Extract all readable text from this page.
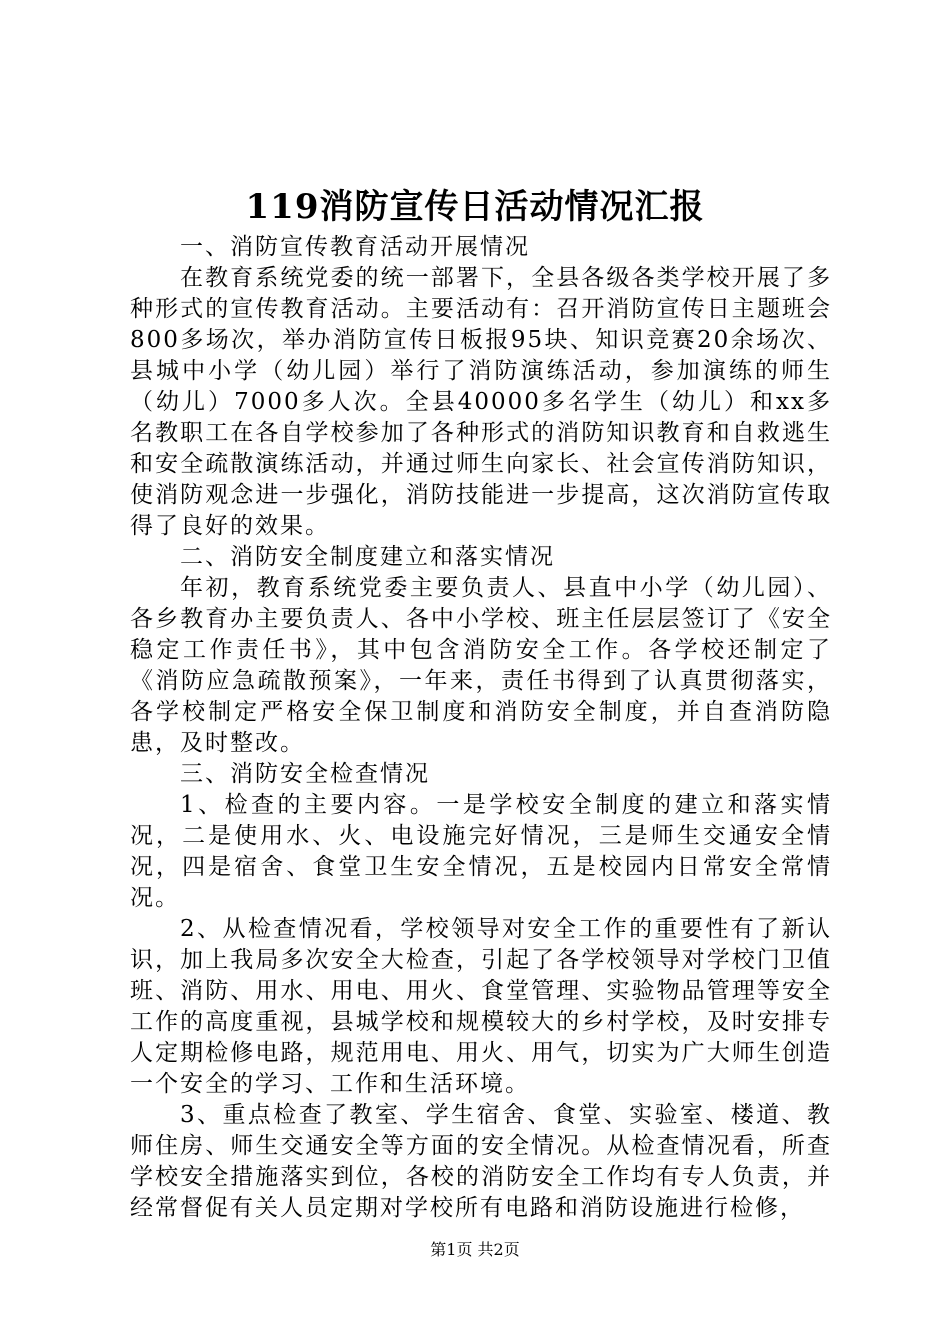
119消防宣传日活动情况汇报

一、消防宣传教育活动开展情况

在教育系统党委的统一部署下，全县各级各类学校开展了多种形式的宣传教育活动。主要活动有：召开消防宣传日主题班会800多场次，举办消防宣传日板报95块、知识竞赛20余场次、县城中小学（幼儿园）举行了消防演练活动，参加演练的师生（幼儿）7000多人次。全县40000多名学生（幼儿）和xx多名教职工在各自学校参加了各种形式的消防知识教育和自救逃生和安全疏散演练活动，并通过师生向家长、社会宣传消防知识，使消防观念进一步强化，消防技能进一步提高，这次消防宣传取得了良好的效果。

二、消防安全制度建立和落实情况

年初，教育系统党委主要负责人、县直中小学（幼儿园）、各乡教育办主要负责人、各中小学校、班主任层层签订了《安全稳定工作责任书》，其中包含消防安全工作。各学校还制定了《消防应急疏散预案》，一年来，责任书得到了认真贯彻落实，各学校制定严格安全保卫制度和消防安全制度，并自查消防隐患，及时整改。

三、消防安全检查情况

1、检查的主要内容。一是学校安全制度的建立和落实情况，二是使用水、火、电设施完好情况，三是师生交通安全情况，四是宿舍、食堂卫生安全情况，五是校园内日常安全常情况。

2、从检查情况看，学校领导对安全工作的重要性有了新认识，加上我局多次安全大检查，引起了各学校领导对学校门卫值班、消防、用水、用电、用火、食堂管理、实验物品管理等安全工作的高度重视，县城学校和规模较大的乡村学校，及时安排专人定期检修电路，规范用电、用火、用气，切实为广大师生创造一个安全的学习、工作和生活环境。

3、重点检查了教室、学生宿舍、食堂、实验室、楼道、教师住房、师生交通安全等方面的安全情况。从检查情况看，所查学校安全措施落实到位，各校的消防安全工作均有专人负责，并经常督促有关人员定期对学校所有电路和消防设施进行检修，

第1页 共2页
